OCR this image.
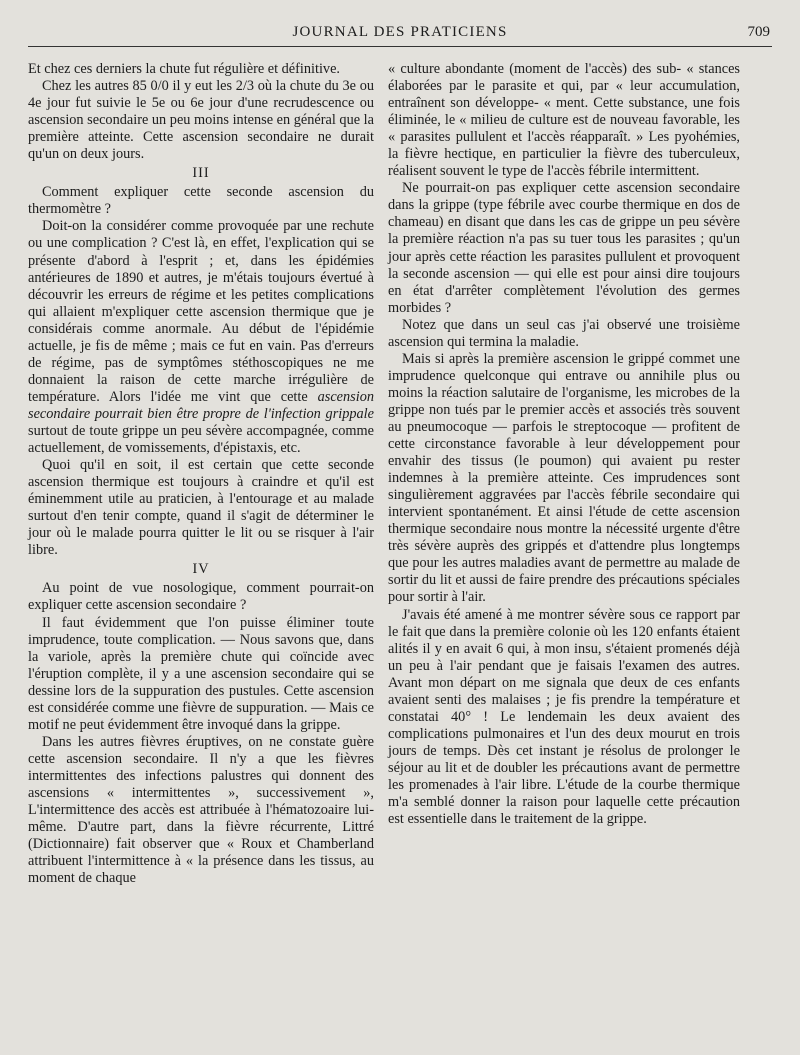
JOURNAL DES PRATICIENS	709

Et chez ces derniers la chute fut régulière et définitive.

Chez les autres 85 0/0 il y eut les 2/3 où la chute du 3e ou 4e jour fut suivie le 5e ou 6e jour d'une recrudescence ou ascension secondaire un peu moins intense en général que la première atteinte. Cette ascension secondaire ne durait qu'un on deux jours.

III

Comment expliquer cette seconde ascension du thermomètre ?

Doit-on la considérer comme provoquée par une rechute ou une complication ? C'est là, en effet, l'explication qui se présente d'abord à l'esprit ; et, dans les épidémies antérieures de 1890 et autres, je m'étais toujours évertué à découvrir les erreurs de régime et les petites complications qui allaient m'expliquer cette ascension thermique que je considérais comme anormale. Au début de l'épidémie actuelle, je fis de même ; mais ce fut en vain. Pas d'erreurs de régime, pas de symptômes stéthoscopiques ne me donnaient la raison de cette marche irrégulière de température. Alors l'idée me vint que cette ascension secondaire pourrait bien être propre de l'infection grippale surtout de toute grippe un peu sévère accompagnée, comme actuellement, de vomissements, d'épistaxis, etc.

Quoi qu'il en soit, il est certain que cette seconde ascension thermique est toujours à craindre et qu'il est éminemment utile au praticien, à l'entourage et au malade surtout d'en tenir compte, quand il s'agit de déterminer le jour où le malade pourra quitter le lit ou se risquer à l'air libre.

IV

Au point de vue nosologique, comment pourrait-on expliquer cette ascension secondaire ?

Il faut évidemment que l'on puisse éliminer toute imprudence, toute complication. — Nous savons que, dans la variole, après la première chute qui coïncide avec l'éruption complète, il y a une ascension secondaire qui se dessine lors de la suppuration des pustules. Cette ascension est considérée comme une fièvre de suppuration. — Mais ce motif ne peut évidemment être invoqué dans la grippe.

Dans les autres fièvres éruptives, on ne constate guère cette ascension secondaire. Il n'y a que les fièvres intermittentes des infections palustres qui donnent des ascensions « intermittentes », successivement », L'intermittence des accès est attribuée à l'hématozoaire lui-même. D'autre part, dans la fièvre récurrente, Littré (Dictionnaire) fait observer que « Roux et Chamberland attribuent l'intermittence à « la présence dans les tissus, au moment de chaque

« culture abondante (moment de l'accès) des sub- « stances élaborées par le parasite et qui, par « leur accumulation, entraînent son développe- « ment. Cette substance, une fois éliminée, le « milieu de culture est de nouveau favorable, les « parasites pullulent et l'accès réapparaît. » Les pyohémies, la fièvre hectique, en particulier la fièvre des tuberculeux, réalisent souvent le type de l'accès fébrile intermittent.

Ne pourrait-on pas expliquer cette ascension secondaire dans la grippe (type fébrile avec courbe thermique en dos de chameau) en disant que dans les cas de grippe un peu sévère la première réaction n'a pas su tuer tous les parasites ; qu'un jour après cette réaction les parasites pullulent et provoquent la seconde ascension — qui elle est pour ainsi dire toujours en état d'arrêter complètement l'évolution des germes morbides ?

Notez que dans un seul cas j'ai observé une troisième ascension qui termina la maladie.

Mais si après la première ascension le grippé commet une imprudence quelconque qui entrave ou annihile plus ou moins la réaction salutaire de l'organisme, les microbes de la grippe non tués par le premier accès et associés très souvent au pneumocoque — parfois le streptocoque — profitent de cette circonstance favorable à leur développement pour envahir des tissus (le poumon) qui avaient pu rester indemnes à la première atteinte. Ces imprudences sont singulièrement aggravées par l'accès fébrile secondaire qui intervient spontanément. Et ainsi l'étude de cette ascension thermique secondaire nous montre la nécessité urgente d'être très sévère auprès des grippés et d'attendre plus longtemps que pour les autres maladies avant de permettre au malade de sortir du lit et aussi de faire prendre des précautions spéciales pour sortir à l'air.

J'avais été amené à me montrer sévère sous ce rapport par le fait que dans la première colonie où les 120 enfants étaient alités il y en avait 6 qui, à mon insu, s'étaient promenés déjà un peu à l'air pendant que je faisais l'examen des autres. Avant mon départ on me signala que deux de ces enfants avaient senti des malaises ; je fis prendre la température et constatai 40° ! Le lendemain les deux avaient des complications pulmonaires et l'un des deux mourut en trois jours de temps. Dès cet instant je résolus de prolonger le séjour au lit et de doubler les précautions avant de permettre les promenades à l'air libre. L'étude de la courbe thermique m'a semblé donner la raison pour laquelle cette précaution est essentielle dans le traitement de la grippe.
